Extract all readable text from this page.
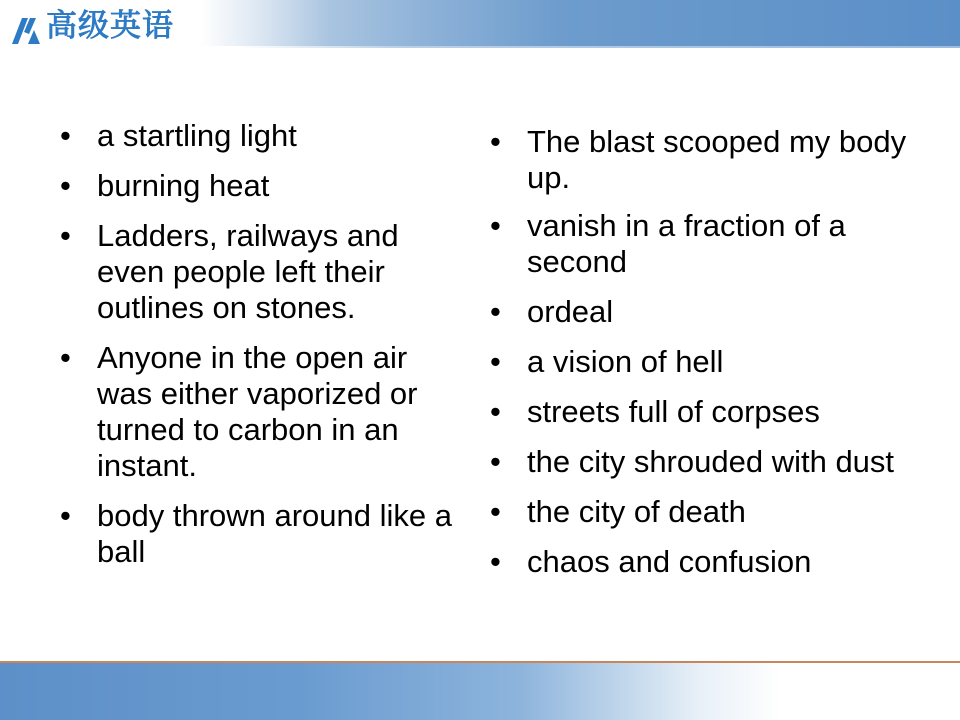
高级英语
• a startling light
• burning heat
• Ladders, railways and even people left their outlines on stones.
• Anyone in the open air was either vaporized or turned to carbon in an instant.
• body thrown around like a ball
• The blast scooped my body up.
• vanish in a fraction of a second
• ordeal
• a vision of hell
• streets full of corpses
• the city shrouded with dust
• the city of death
• chaos and confusion
